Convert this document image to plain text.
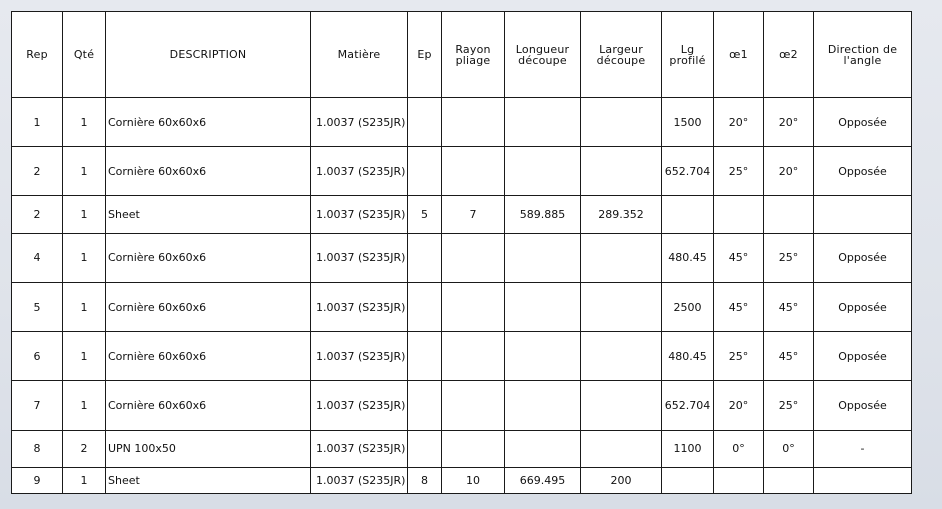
Rep	Qté	DESCRIPTION	Matière	Ep	Rayon pliage	Longueur découpe	Largeur découpe	Lg profilé	œ1	œ2	Direction de l'angle
1	1	Cornière 60x60x6	1.0037 (S235JR)					1500	20°	20°	Opposée
2	1	Cornière 60x60x6	1.0037 (S235JR)					652.704	25°	20°	Opposée
2	1	Sheet	1.0037 (S235JR)	5	7	589.885	289.352				
4	1	Cornière 60x60x6	1.0037 (S235JR)					480.45	45°	25°	Opposée
5	1	Cornière 60x60x6	1.0037 (S235JR)					2500	45°	45°	Opposée
6	1	Cornière 60x60x6	1.0037 (S235JR)					480.45	25°	45°	Opposée
7	1	Cornière 60x60x6	1.0037 (S235JR)					652.704	20°	25°	Opposée
8	2	UPN 100x50	1.0037 (S235JR)					1100	0°	0°	-
9	1	Sheet	1.0037 (S235JR)	8	10	669.495	200				
